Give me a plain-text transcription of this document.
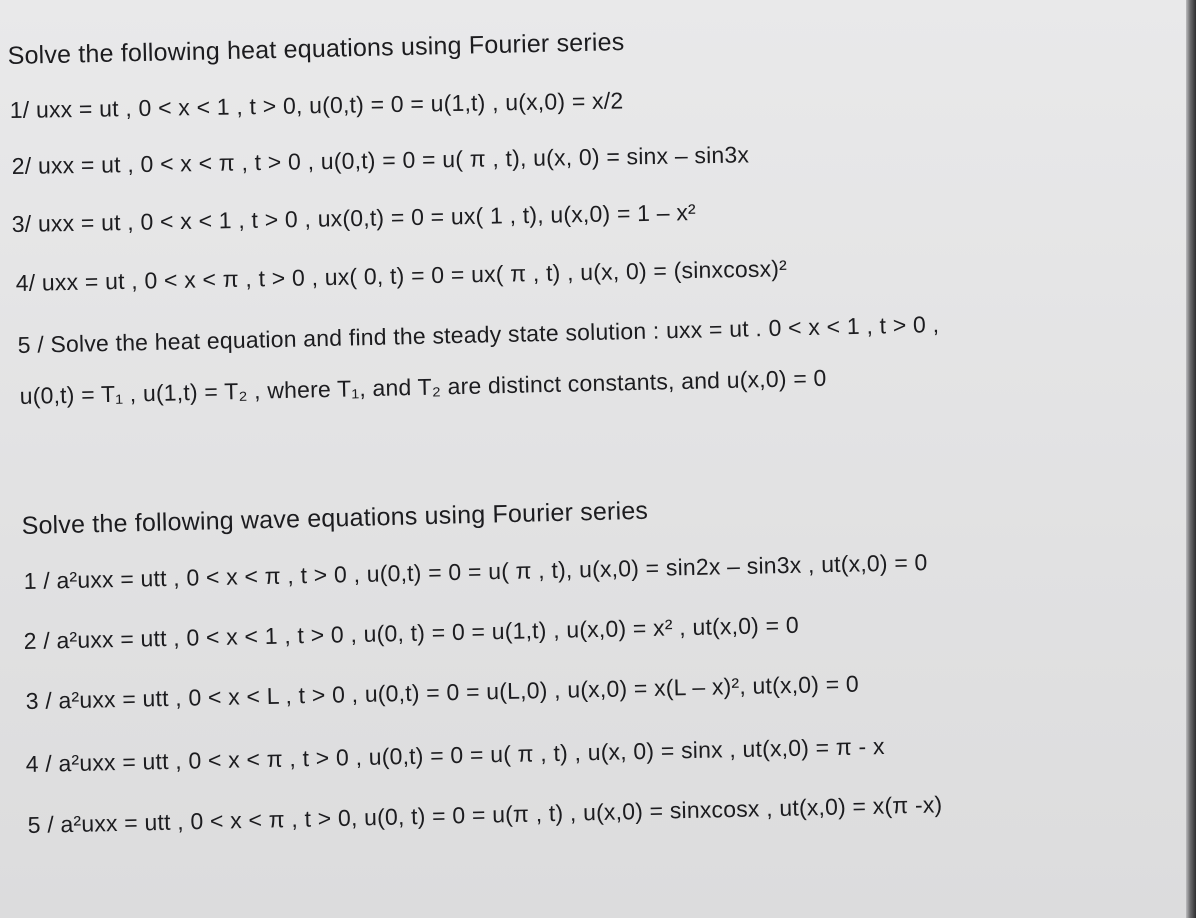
Solve the following heat equations using Fourier series
1/ uxx = ut , 0 < x < 1 , t > 0, u(0,t) = 0 = u(1,t) , u(x,0) = x/2
2/ uxx = ut , 0 < x < π , t > 0 , u(0,t) = 0 = u( π , t), u(x, 0) = sinx – sin3x
3/ uxx = ut , 0 < x < 1 , t > 0 , ux(0,t) = 0 = ux( 1 , t), u(x,0) = 1 – x²
4/ uxx = ut , 0 < x < π , t > 0 , ux( 0, t) = 0 = ux( π , t) , u(x, 0) = (sinxcosx)²
5 / Solve the heat equation and find the steady state solution : uxx = ut . 0 < x < 1 , t > 0 ,
u(0,t) = T₁ , u(1,t) = T₂ , where T₁, and T₂ are distinct constants, and u(x,0) = 0
Solve the following wave equations using Fourier series
1 / a²uxx = utt , 0 < x < π , t > 0 , u(0,t) = 0 = u( π , t), u(x,0) = sin2x – sin3x , ut(x,0) = 0
2 / a²uxx = utt , 0 < x < 1 , t > 0 , u(0, t) = 0 = u(1,t) , u(x,0) = x² , ut(x,0) = 0
3 / a²uxx = utt , 0 < x < L , t > 0 , u(0,t) = 0 = u(L,0) , u(x,0) = x(L – x)², ut(x,0) = 0
4 / a²uxx = utt , 0 < x < π , t > 0 , u(0,t) = 0 = u( π , t) , u(x, 0) = sinx , ut(x,0) = π - x
5 / a²uxx = utt , 0 < x < π , t > 0, u(0, t) = 0 = u(π , t) , u(x,0) = sinxcosx , ut(x,0) = x(π -x)
